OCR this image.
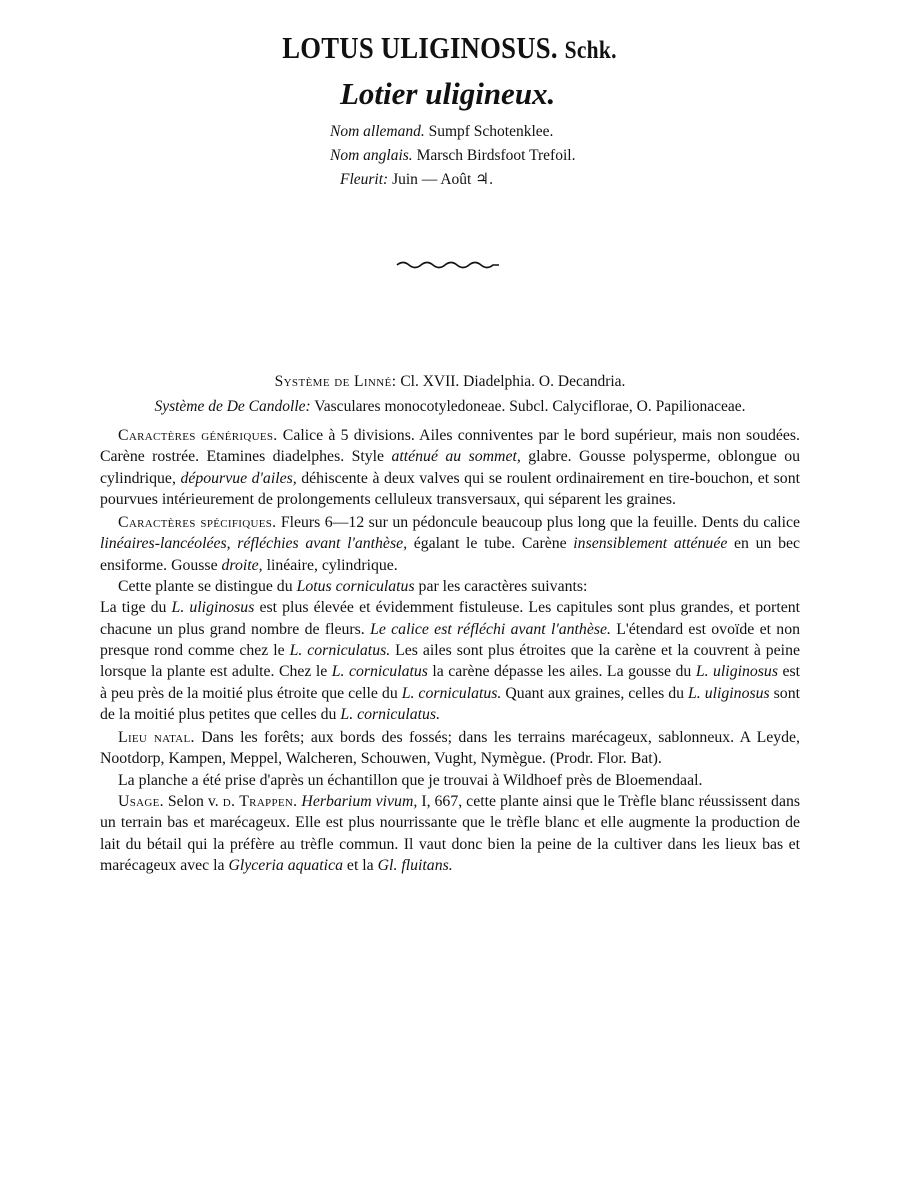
LOTUS ULIGINOSUS. Schk.
Lotier uligineux.
Nom allemand. Sumpf Schotenklee.
Nom anglais. Marsch Birdsfoot Trefoil.
Fleurit: Juin — Août ♃.
Système de Linné: Cl. XVII. Diadelphia. O. Decandria.
Système de De Candolle: Vasculares monocotyledoneae. Subcl. Calyciflorae, O. Papilionaceae.

Caractères génériques. Calice à 5 divisions. Ailes conniventes par le bord supérieur, mais non soudées. Carène rostrée. Etamines diadelphes. Style atténué au sommet, glabre. Gousse polysperme, oblongue ou cylindrique, dépourvue d'ailes, déhiscente à deux valves qui se roulent ordinairement en tire-bouchon, et sont pourvues intérieurement de prolongements celluleux transversaux, qui séparent les graines.

Caractères spécifiques. Fleurs 6—12 sur un pédoncule beaucoup plus long que la feuille. Dents du calice linéaires-lancéolées, réfléchies avant l'anthèse, égalant le tube. Carène insensiblement atténuée en un bec ensiforme. Gousse droite, linéaire, cylindrique.

Cette plante se distingue du Lotus corniculatus par les caractères suivants:

La tige du L. uliginosus est plus élevée et évidemment fistuleuse. Les capitules sont plus grandes, et portent chacune un plus grand nombre de fleurs. Le calice est réfléchi avant l'anthèse. L'étendard est ovoïde et non presque rond comme chez le L. corniculatus. Les ailes sont plus étroites que la carène et la couvrent à peine lorsque la plante est adulte. Chez le L. corniculatus la carène dépasse les ailes. La gousse du L. uliginosus est à peu près de la moitié plus étroite que celle du L. corniculatus. Quant aux graines, celles du L. uliginosus sont de la moitié plus petites que celles du L. corniculatus.

Lieu natal. Dans les forêts; aux bords des fossés; dans les terrains marécageux, sablonneux. A Leyde, Nootdorp, Kampen, Meppel, Walcheren, Schouwen, Vught, Nymègue. (Prodr. Flor. Bat).

La planche a été prise d'après un échantillon que je trouvai à Wildhoef près de Bloemendaal.

Usage. Selon v. d. Trappen. Herbarium vivum, I, 667, cette plante ainsi que le Trèfle blanc réussissent dans un terrain bas et marécageux. Elle est plus nourrissante que le trèfle blanc et elle augmente la production de lait du bétail qui la préfère au trèfle commun. Il vaut donc bien la peine de la cultiver dans les lieux bas et marécageux avec la Glyceria aquatica et la Gl. fluitans.
